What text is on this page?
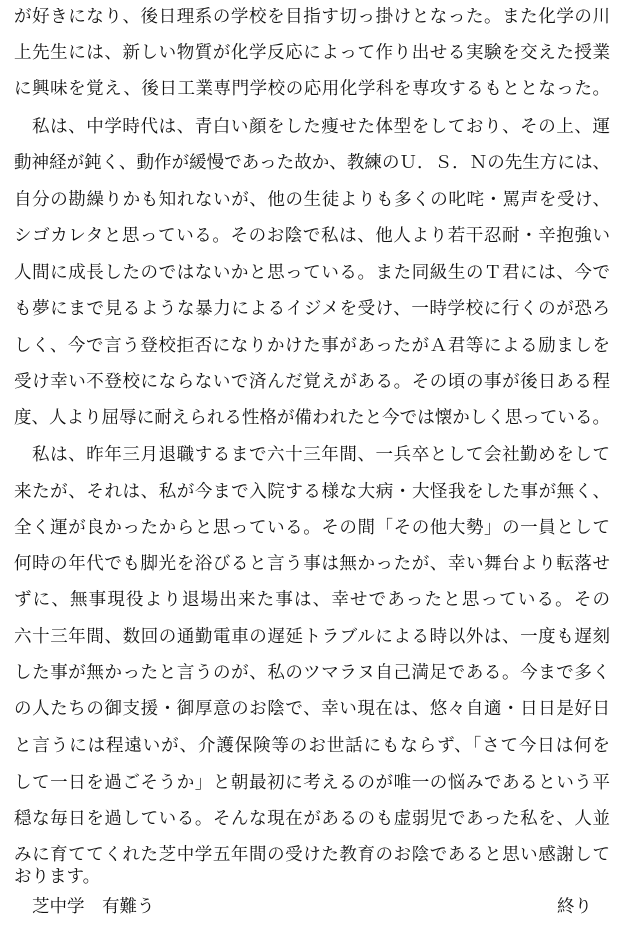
が好きになり、後日理系の学校を目指す切っ掛けとなった。また化学の川
上先生には、新しい物質が化学反応によって作り出せる実験を交えた授業
に興味を覚え、後日工業専門学校の応用化学科を専攻するもととなった。
私は、中学時代は、青白い顔をした痩せた体型をしており、その上、運
動神経が鈍く、動作が緩慢であった故か、教練のＵ．Ｓ．Ｎの先生方には、
自分の勘繰りかも知れないが、他の生徒よりも多くの叱咤・罵声を受け、
シゴカレタと思っている。そのお陰で私は、他人より若干忍耐・辛抱強い
人間に成長したのではないかと思っている。また同級生のＴ君には、今で
も夢にまで見るような暴力によるイジメを受け、一時学校に行くのが恐ろ
しく、今で言う登校拒否になりかけた事があったがＡ君等による励ましを
受け幸い不登校にならないで済んだ覚えがある。その頃の事が後日ある程
度、人より屈辱に耐えられる性格が備われたと今では懐かしく思っている。
私は、昨年三月退職するまで六十三年間、一兵卒として会社勤めをして
来たが、それは、私が今まで入院する様な大病・大怪我をした事が無く、
全く運が良かったからと思っている。その間「その他大勢」の一員として
何時の年代でも脚光を浴びると言う事は無かったが、幸い舞台より転落せ
ずに、無事現役より退場出来た事は、幸せであったと思っている。その
六十三年間、数回の通勤電車の遅延トラブルによる時以外は、一度も遅刻
した事が無かったと言うのが、私のツマラヌ自己満足である。今まで多く
の人たちの御支援・御厚意のお陰で、幸い現在は、悠々自適・日日是好日
と言うには程遠いが、介護保険等のお世話にもならず、「さて今日は何を
して一日を過ごそうか」と朝最初に考えるのが唯一の悩みであるという平
穏な毎日を過している。そんな現在があるのも虚弱児であった私を、人並
みに育ててくれた芝中学五年間の受けた教育のお陰であると思い感謝して
おります。
芝中学　有難う	終り
